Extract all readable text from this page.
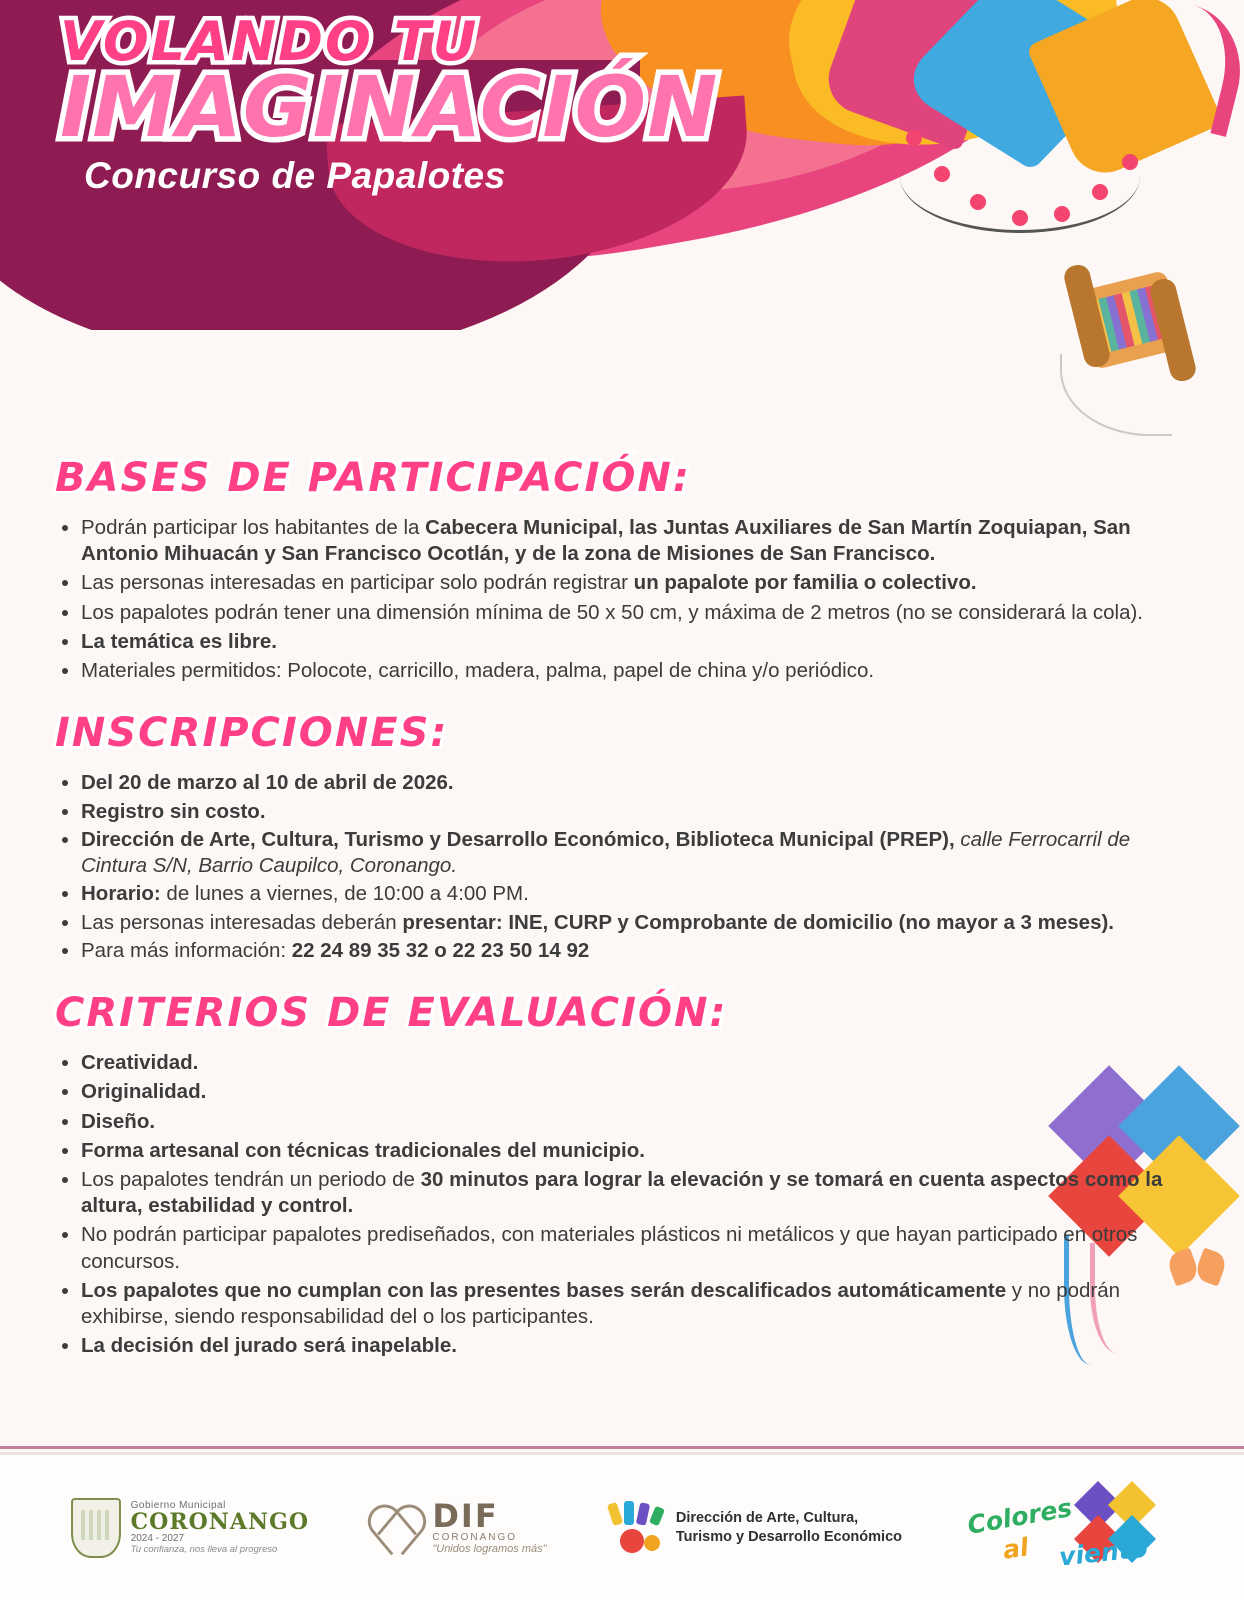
VOLANDO TU
IMAGINACIÓN
Concurso de Papalotes
BASES DE PARTICIPACIÓN:
Podrán participar los habitantes de la Cabecera Municipal, las Juntas Auxiliares de San Martín Zoquiapan, San Antonio Mihuacán y San Francisco Ocotlán, y de la zona de Misiones de San Francisco.
Las personas interesadas en participar solo podrán registrar un papalote por familia o colectivo.
Los papalotes podrán tener una dimensión mínima de 50 x 50 cm, y máxima de 2 metros (no se considerará la cola).
La temática es libre.
Materiales permitidos: Polocote, carricillo, madera, palma, papel de china y/o periódico.
INSCRIPCIONES:
Del 20 de marzo al 10 de abril de 2026.
Registro sin costo.
Dirección de Arte, Cultura, Turismo y Desarrollo Económico, Biblioteca Municipal (PREP), calle Ferrocarril de Cintura S/N, Barrio Caupilco, Coronango.
Horario: de lunes a viernes, de 10:00 a 4:00 PM.
Las personas interesadas deberán presentar: INE, CURP y Comprobante de domicilio (no mayor a 3 meses).
Para más información: 22 24 89 35 32 o 22 23 50 14 92
CRITERIOS DE EVALUACIÓN:
Creatividad.
Originalidad.
Diseño.
Forma artesanal con técnicas tradicionales del municipio.
Los papalotes tendrán un periodo de 30 minutos para lograr la elevación y se tomará en cuenta aspectos como la altura, estabilidad y control.
No podrán participar papalotes prediseñados, con materiales plásticos ni metálicos y que hayan participado en otros concursos.
Los papalotes que no cumplan con las presentes bases serán descalificados automáticamente y no podrán exhibirse, siendo responsabilidad del o los participantes.
La decisión del jurado será inapelable.
Gobierno Municipal
CORONANGO
2024 - 2027
Tu confianza, nos lleva al progreso
DIF
CORONANGO
"Unidos logramos más"
Dirección de Arte, Cultura,
Turismo y Desarrollo Económico	Colores
al viento
